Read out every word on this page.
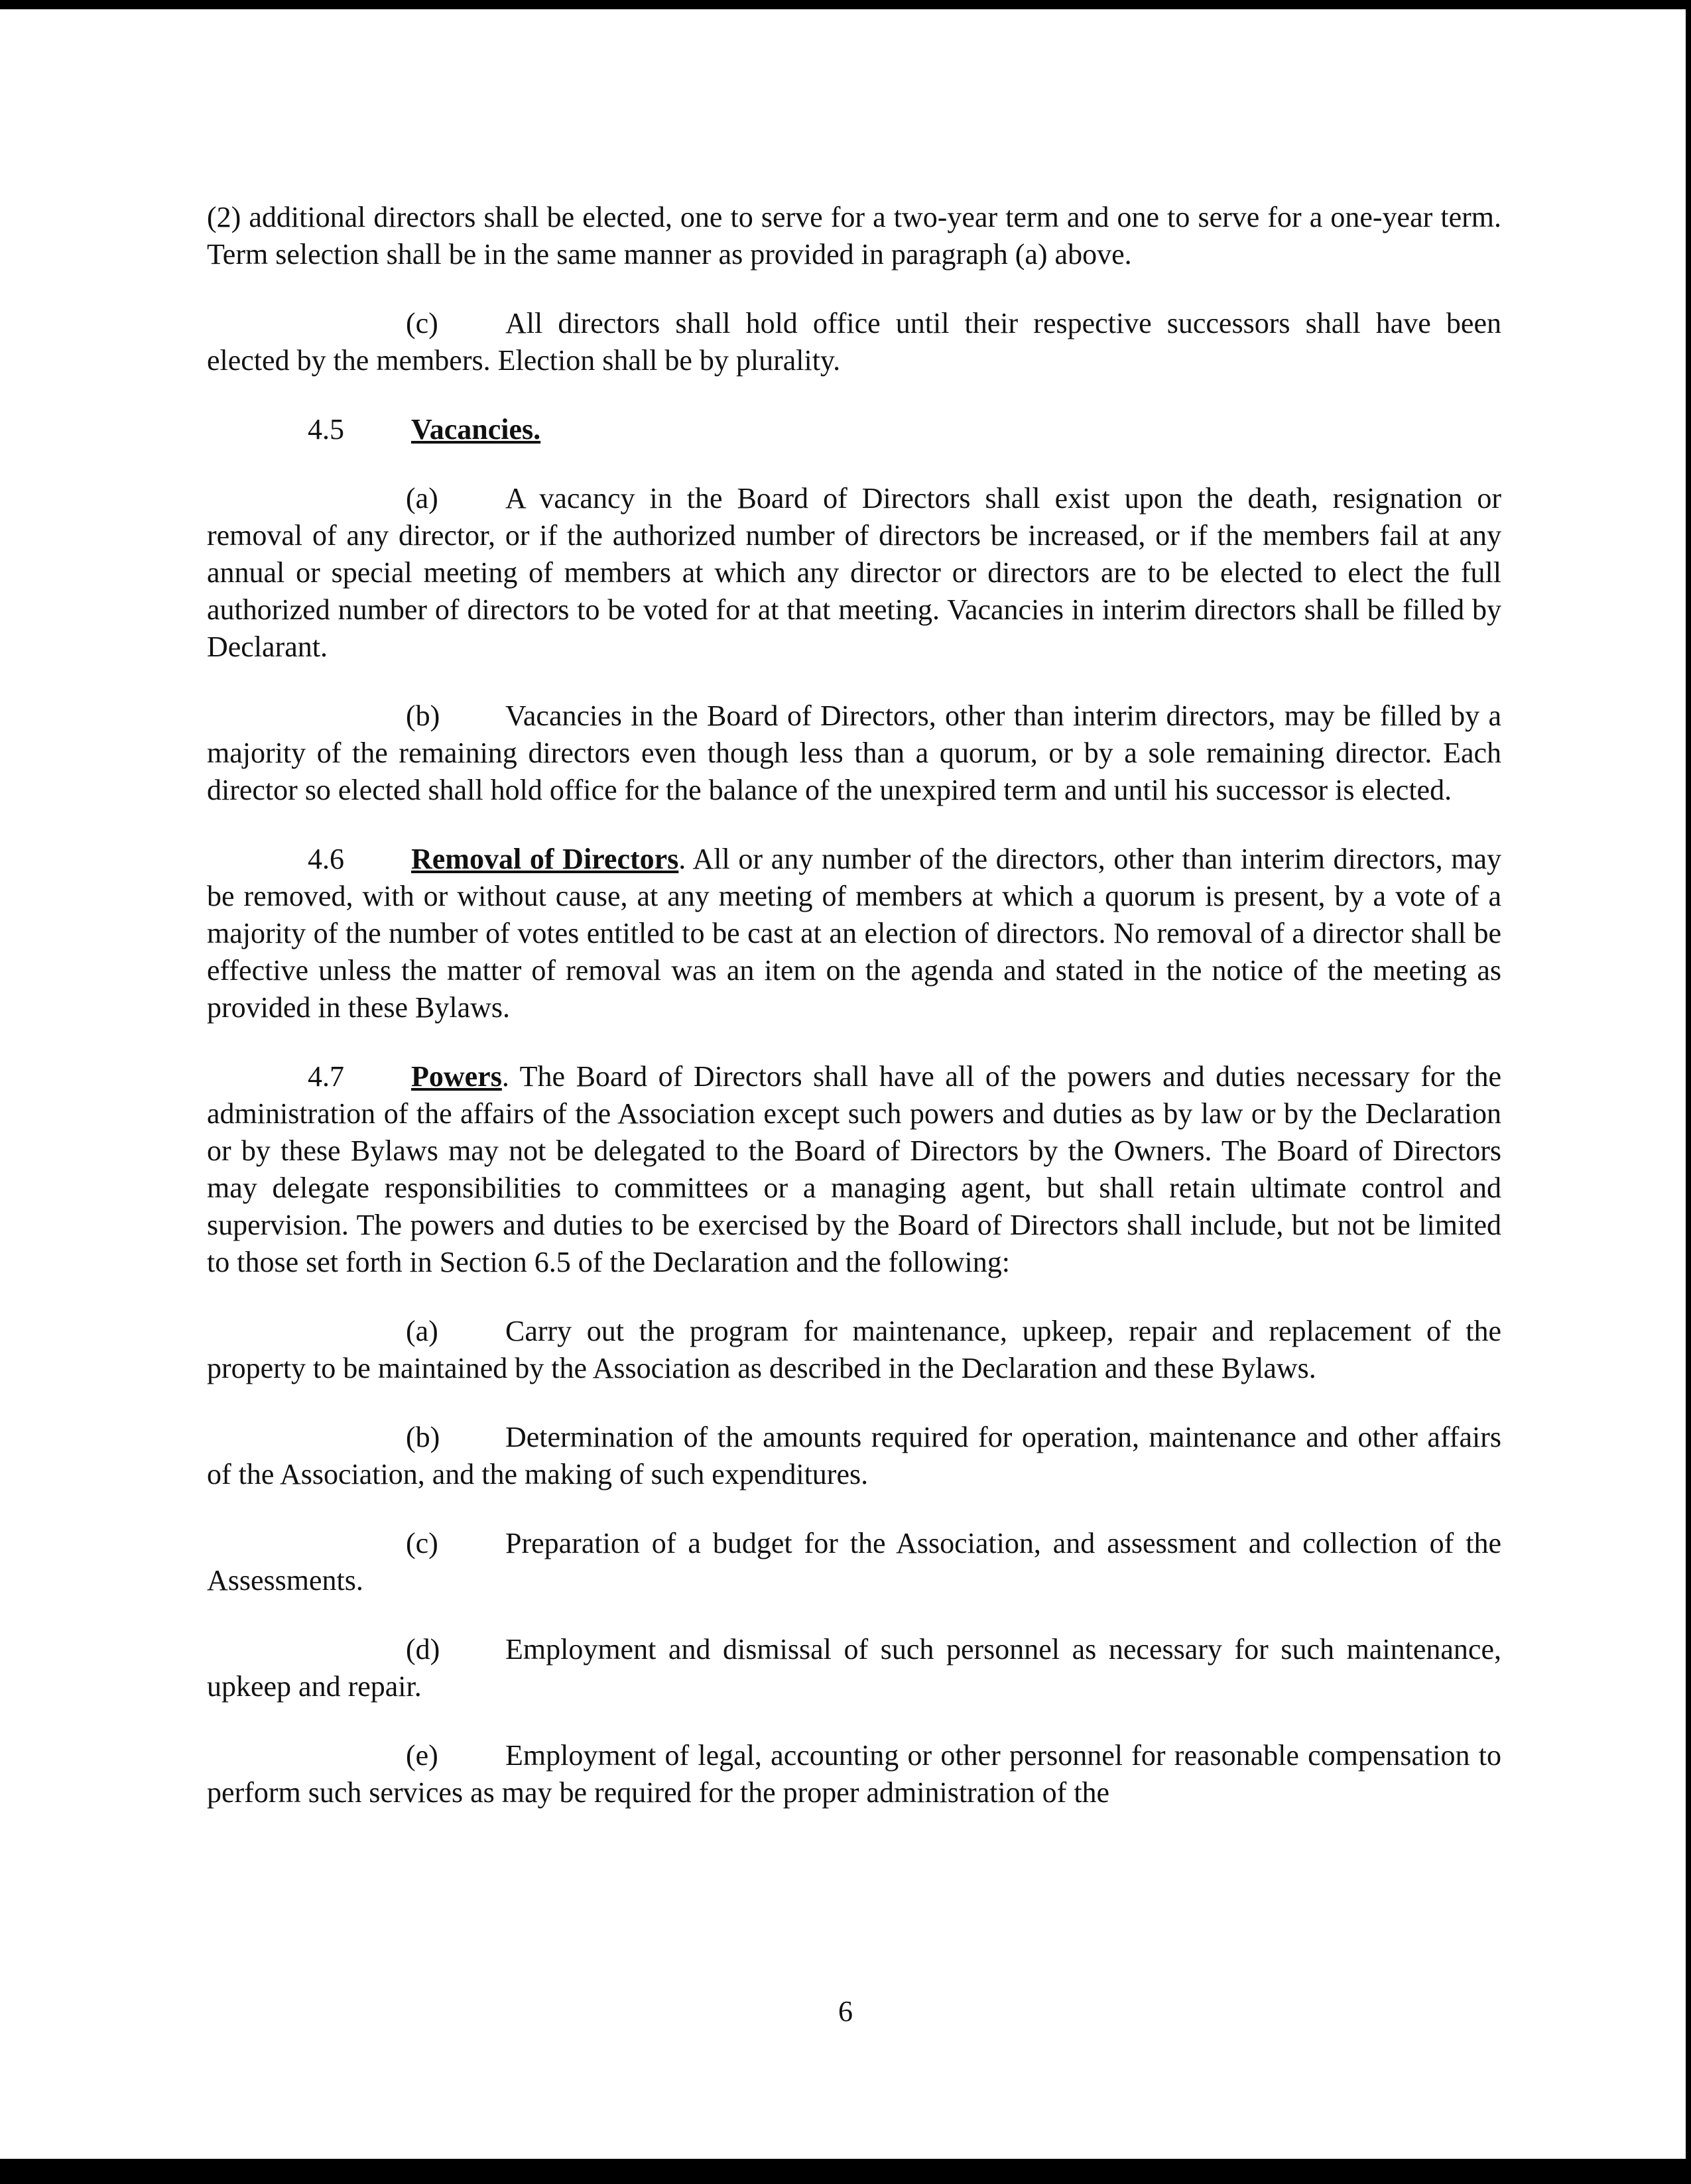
(2) additional directors shall be elected, one to serve for a two-year term and one to serve for a one-year term. Term selection shall be in the same manner as provided in paragraph (a) above.

(c) All directors shall hold office until their respective successors shall have been elected by the members. Election shall be by plurality.

4.5 Vacancies.

(a) A vacancy in the Board of Directors shall exist upon the death, resignation or removal of any director, or if the authorized number of directors be increased, or if the members fail at any annual or special meeting of members at which any director or directors are to be elected to elect the full authorized number of directors to be voted for at that meeting. Vacancies in interim directors shall be filled by Declarant.

(b) Vacancies in the Board of Directors, other than interim directors, may be filled by a majority of the remaining directors even though less than a quorum, or by a sole remaining director. Each director so elected shall hold office for the balance of the unexpired term and until his successor is elected.

4.6 Removal of Directors. All or any number of the directors, other than interim directors, may be removed, with or without cause, at any meeting of members at which a quorum is present, by a vote of a majority of the number of votes entitled to be cast at an election of directors. No removal of a director shall be effective unless the matter of removal was an item on the agenda and stated in the notice of the meeting as provided in these Bylaws.

4.7 Powers. The Board of Directors shall have all of the powers and duties necessary for the administration of the affairs of the Association except such powers and duties as by law or by the Declaration or by these Bylaws may not be delegated to the Board of Directors by the Owners. The Board of Directors may delegate responsibilities to committees or a managing agent, but shall retain ultimate control and supervision. The powers and duties to be exercised by the Board of Directors shall include, but not be limited to those set forth in Section 6.5 of the Declaration and the following:

(a) Carry out the program for maintenance, upkeep, repair and replacement of the property to be maintained by the Association as described in the Declaration and these Bylaws.

(b) Determination of the amounts required for operation, maintenance and other affairs of the Association, and the making of such expenditures.

(c) Preparation of a budget for the Association, and assessment and collection of the Assessments.

(d) Employment and dismissal of such personnel as necessary for such maintenance, upkeep and repair.

(e) Employment of legal, accounting or other personnel for reasonable compensation to perform such services as may be required for the proper administration of the

6
